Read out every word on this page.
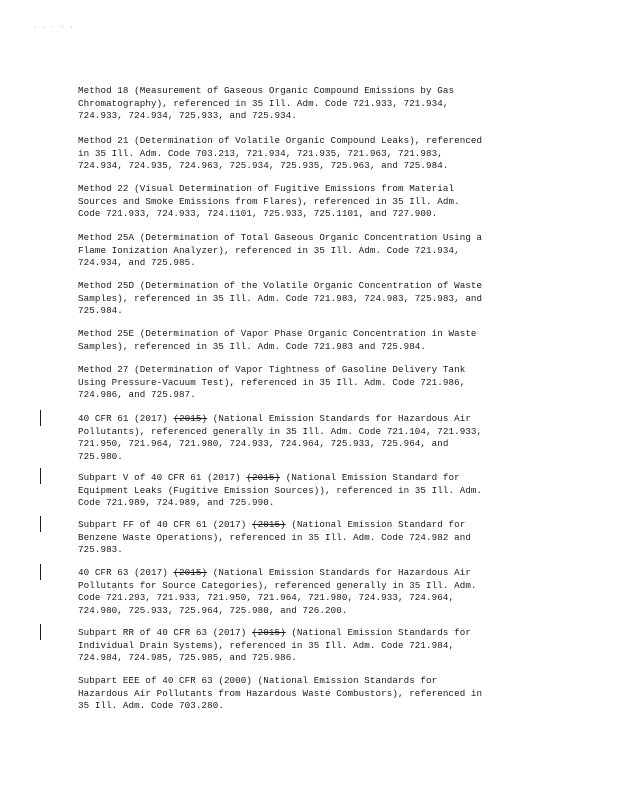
· · · · ·
Method 18 (Measurement of Gaseous Organic Compound Emissions by Gas
Chromatography), referenced in 35 Ill. Adm. Code 721.933, 721.934,
724.933, 724.934, 725.933, and 725.934.
Method 21 (Determination of Volatile Organic Compound Leaks), referenced
in 35 Ill. Adm. Code 703.213, 721.934, 721.935, 721.963, 721.983,
724.934, 724.935, 724.963, 725.934, 725.935, 725.963, and 725.984.
Method 22 (Visual Determination of Fugitive Emissions from Material
Sources and Smoke Emissions from Flares), referenced in 35 Ill. Adm.
Code 721.933, 724.933, 724.1101, 725.933, 725.1101, and 727.900.
Method 25A (Determination of Total Gaseous Organic Concentration Using a
Flame Ionization Analyzer), referenced in 35 Ill. Adm. Code 721.934,
724.934, and 725.985.
Method 25D (Determination of the Volatile Organic Concentration of Waste
Samples), referenced in 35 Ill. Adm. Code 721.983, 724.983, 725.983, and
725.984.
Method 25E (Determination of Vapor Phase Organic Concentration in Waste
Samples), referenced in 35 Ill. Adm. Code 721.983 and 725.984.
Method 27 (Determination of Vapor Tightness of Gasoline Delivery Tank
Using Pressure-Vacuum Test), referenced in 35 Ill. Adm. Code 721.986,
724.986, and 725.987.
40 CFR 61 (2017) (2015) (National Emission Standards for Hazardous Air
Pollutants), referenced generally in 35 Ill. Adm. Code 721.104, 721.933,
721.950, 721.964, 721.980, 724.933, 724.964, 725.933, 725.964, and
725.980.
Subpart V of 40 CFR 61 (2017) (2015) (National Emission Standard for
Equipment Leaks (Fugitive Emission Sources)), referenced in 35 Ill. Adm.
Code 721.989, 724.989, and 725.990.
Subpart FF of 40 CFR 61 (2017) (2015) (National Emission Standard for
Benzene Waste Operations), referenced in 35 Ill. Adm. Code 724.982 and
725.983.
40 CFR 63 (2017) (2015) (National Emission Standards for Hazardous Air
Pollutants for Source Categories), referenced generally in 35 Ill. Adm.
Code 721.293, 721.933, 721.950, 721.964, 721.980, 724.933, 724.964,
724.980, 725.933, 725.964, 725.980, and 726.200.
Subpart RR of 40 CFR 63 (2017) (2015) (National Emission Standards for
Individual Drain Systems), referenced in 35 Ill. Adm. Code 721.984,
724.984, 724.985, 725.985, and 725.986.
Subpart EEE of 40 CFR 63 (2000) (National Emission Standards for
Hazardous Air Pollutants from Hazardous Waste Combustors), referenced in
35 Ill. Adm. Code 703.280.
